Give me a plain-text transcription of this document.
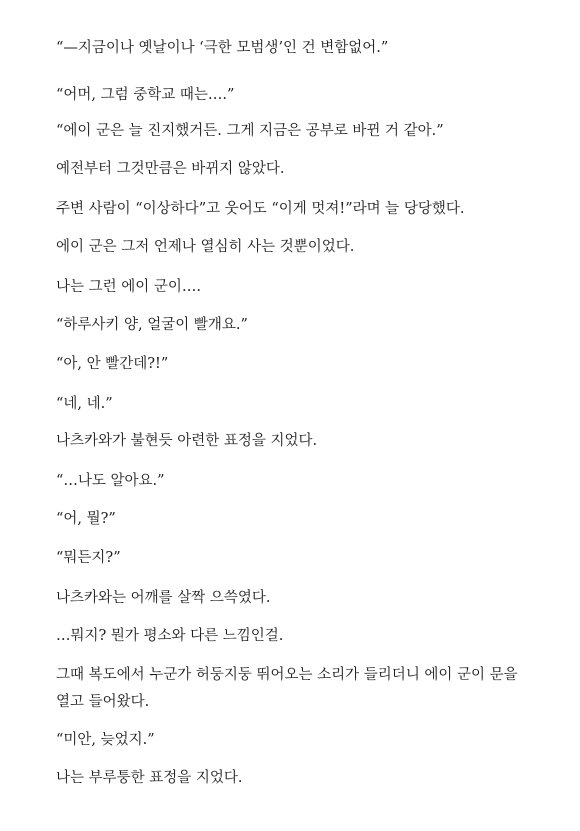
“—지금이나 옛날이나 ‘극한 모범생’인 건 변함없어.”

“어머, 그럼 중학교 때는….”

“에이 군은 늘 진지했거든. 그게 지금은 공부로 바뀐 거 같아.”

예전부터 그것만큼은 바뀌지 않았다.

주변 사람이 “이상하다”고 웃어도 “이게 멋져!”라며 늘 당당했다.

에이 군은 그저 언제나 열심히 사는 것뿐이었다.

나는 그런 에이 군이….

“하루사키 양, 얼굴이 빨개요.”

“아, 안 빨간데?!”

“네, 네.”

나츠카와가 불현듯 아련한 표정을 지었다.

“…나도 알아요.”

“어, 뭘?”

“뭐든지?”

나츠카와는 어깨를 살짝 으쓱였다.

…뭐지? 뭔가 평소와 다른 느낌인걸.

그때 복도에서 누군가 허둥지둥 뛰어오는 소리가 들리더니 에이 군이 문을 열고 들어왔다.

“미안, 늦었지.”

나는 부루퉁한 표정을 지었다.
